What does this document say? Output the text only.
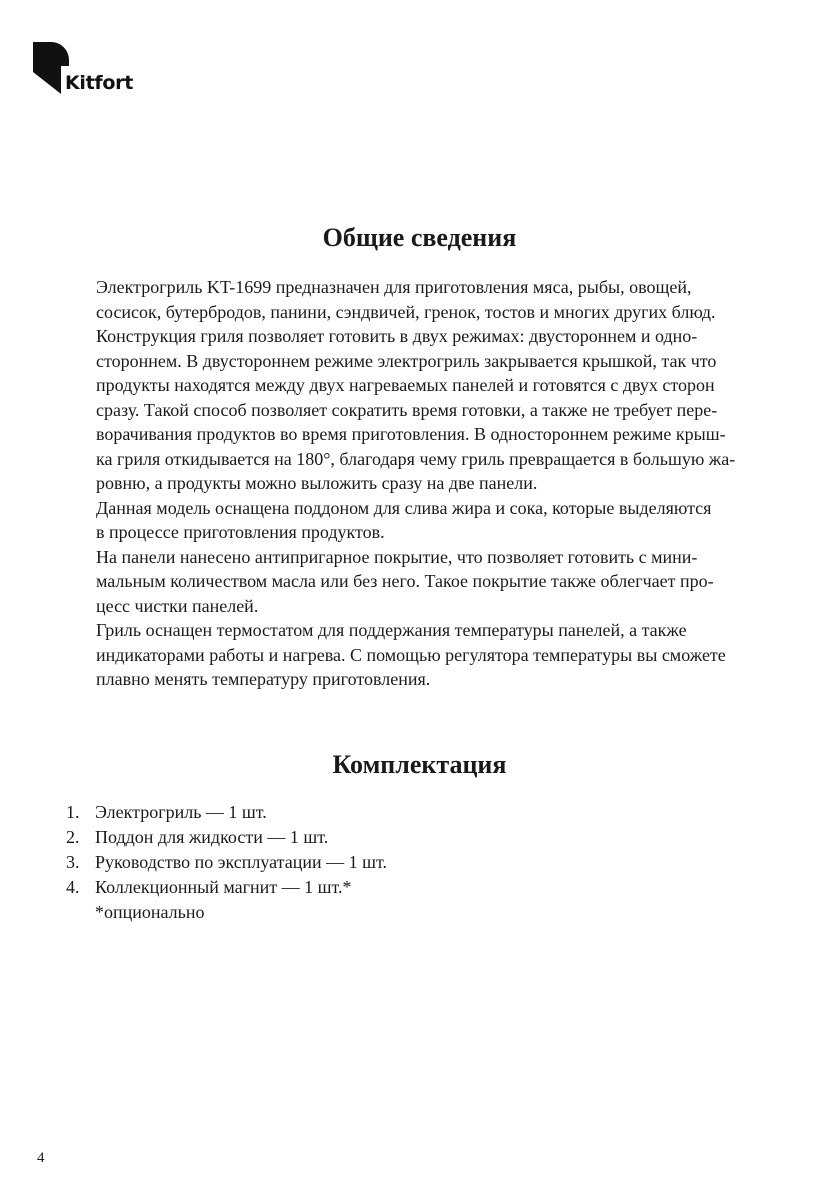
Kitfort
Общие сведения

Электрогриль KT-1699 предназначен для приготовления мяса, рыбы, овощей,
сосисок, бутербродов, панини, сэндвичей, гренок, тостов и многих других блюд.

Конструкция гриля позволяет готовить в двух режимах: двустороннем и одно-
стороннем. В двустороннем режиме электрогриль закрывается крышкой, так что
продукты находятся между двух нагреваемых панелей и готовятся с двух сторон
сразу. Такой способ позволяет сократить время готовки, а также не требует пере-
ворачивания продуктов во время приготовления. В одностороннем режиме крыш-
ка гриля откидывается на 180°, благодаря чему гриль превращается в большую жа-
ровню, а продукты можно выложить сразу на две панели.

Данная модель оснащена поддоном для слива жира и сока, которые выделяются
в процессе приготовления продуктов.

На панели нанесено антипригарное покрытие, что позволяет готовить с мини-
мальным количеством масла или без него. Такое покрытие также облегчает про-
цесс чистки панелей.

Гриль оснащен термостатом для поддержания температуры панелей, а также
индикаторами работы и нагрева. С помощью регулятора температуры вы сможете
плавно менять температуру приготовления.

Комплектация
1. Электрогриль — 1 шт.
2. Поддон для жидкости — 1 шт.
3. Руководство по эксплуатации — 1 шт.
4. Коллекционный магнит — 1 шт.*
*опционально
4
